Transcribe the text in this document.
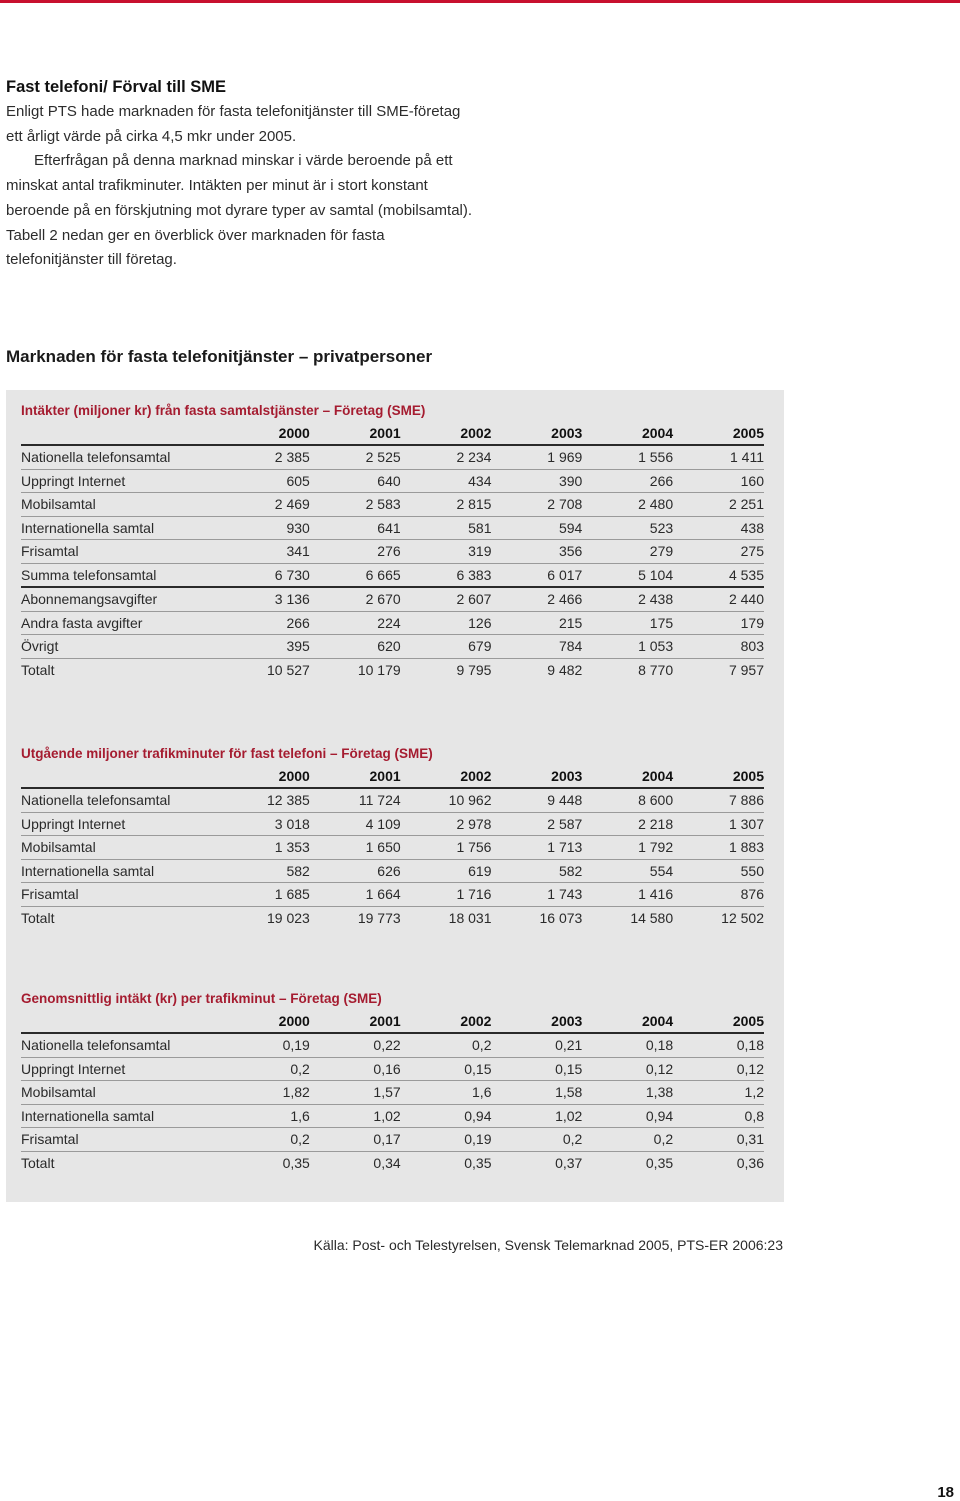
Fast telefoni/ Förval till SME

Enligt PTS hade marknaden för fasta telefonitjänster till SME-företag ett årligt värde på cirka 4,5 mkr under 2005.

Efterfrågan på denna marknad minskar i värde beroende på ett minskat antal trafikminuter. Intäkten per minut är i stort konstant beroende på en förskjutning mot dyrare typer av samtal (mobilsamtal). Tabell 2 nedan ger en överblick över marknaden för fasta telefonitjänster till företag.

Marknaden för fasta telefonitjänster – privatpersoner
Intäkter (miljoner kr) från fasta samtalstjänster – Företag (SME)
	2000	2001	2002	2003	2004	2005
Nationella telefonsamtal	2 385	2 525	2 234	1 969	1 556	1 411
Uppringt Internet	605	640	434	390	266	160
Mobilsamtal	2 469	2 583	2 815	2 708	2 480	2 251
Internationella samtal	930	641	581	594	523	438
Frisamtal	341	276	319	356	279	275
Summa telefonsamtal	6 730	6 665	6 383	6 017	5 104	4 535
Abonnemangsavgifter	3 136	2 670	2 607	2 466	2 438	2 440
Andra fasta avgifter	266	224	126	215	175	179
Övrigt	395	620	679	784	1 053	803
Totalt	10 527	10 179	9 795	9 482	8 770	7 957
Utgående miljoner trafikminuter för fast telefoni – Företag (SME)
	2000	2001	2002	2003	2004	2005
Nationella telefonsamtal	12 385	11 724	10 962	9 448	8 600	7 886
Uppringt Internet	3 018	4 109	2 978	2 587	2 218	1 307
Mobilsamtal	1 353	1 650	1 756	1 713	1 792	1 883
Internationella samtal	582	626	619	582	554	550
Frisamtal	1 685	1 664	1 716	1 743	1 416	876
Totalt	19 023	19 773	18 031	16 073	14 580	12 502
Genomsnittlig intäkt (kr) per trafikminut – Företag (SME)
	2000	2001	2002	2003	2004	2005
Nationella telefonsamtal	0,19	0,22	0,2	0,21	0,18	0,18
Uppringt Internet	0,2	0,16	0,15	0,15	0,12	0,12
Mobilsamtal	1,82	1,57	1,6	1,58	1,38	1,2
Internationella samtal	1,6	1,02	0,94	1,02	0,94	0,8
Frisamtal	0,2	0,17	0,19	0,2	0,2	0,31
Totalt	0,35	0,34	0,35	0,37	0,35	0,36
Källa: Post- och Telestyrelsen, Svensk Telemarknad 2005, PTS-ER 2006:23
18
